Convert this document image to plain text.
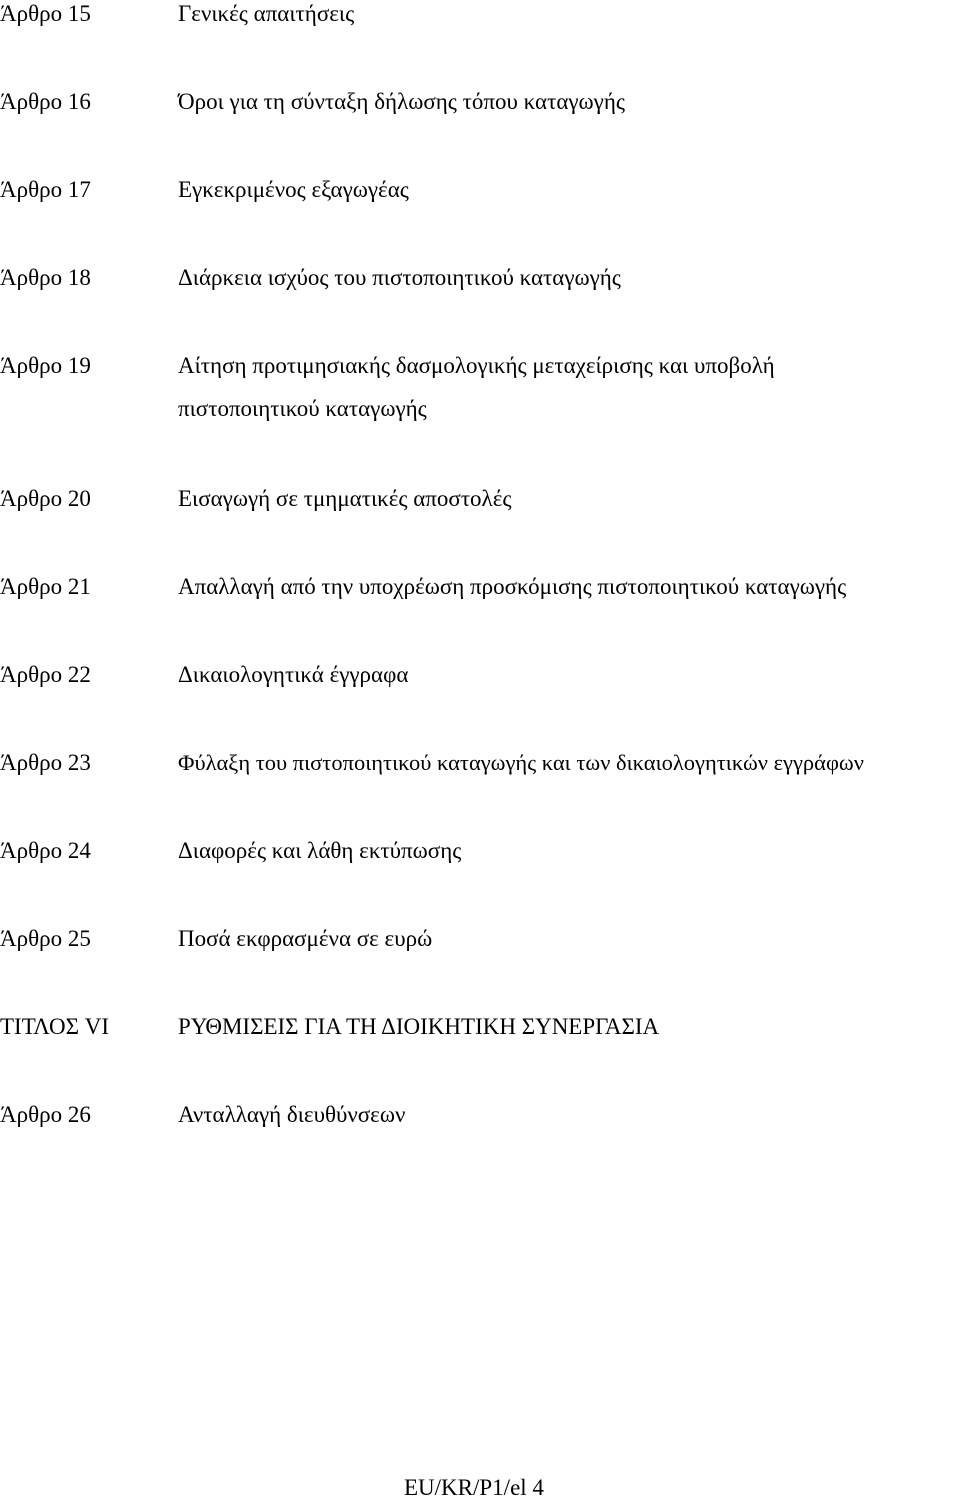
Άρθρο 15	Γενικές απαιτήσεις
Άρθρο 16	Όροι για τη σύνταξη δήλωσης τόπου καταγωγής
Άρθρο 17	Εγκεκριμένος εξαγωγέας
Άρθρο 18	Διάρκεια ισχύος του πιστοποιητικού καταγωγής
Άρθρο 19	Αίτηση προτιμησιακής δασμολογικής μεταχείρισης και υποβολή πιστοποιητικού καταγωγής
Άρθρο 20	Εισαγωγή σε τμηματικές αποστολές
Άρθρο 21	Απαλλαγή από την υποχρέωση προσκόμισης πιστοποιητικού καταγωγής
Άρθρο 22	Δικαιολογητικά έγγραφα
Άρθρο 23	Φύλαξη του πιστοποιητικού καταγωγής και των δικαιολογητικών εγγράφων
Άρθρο 24	Διαφορές και λάθη εκτύπωσης
Άρθρο 25	Ποσά εκφρασμένα σε ευρώ
ΤΙΤΛΟΣ VI	ΡΥΘΜΙΣΕΙΣ ΓΙΑ ΤΗ ΔΙΟΙΚΗΤΙΚΗ ΣΥΝΕΡΓΑΣΙΑ
Άρθρο 26	Ανταλλαγή διευθύνσεων
EU/KR/P1/el 4
